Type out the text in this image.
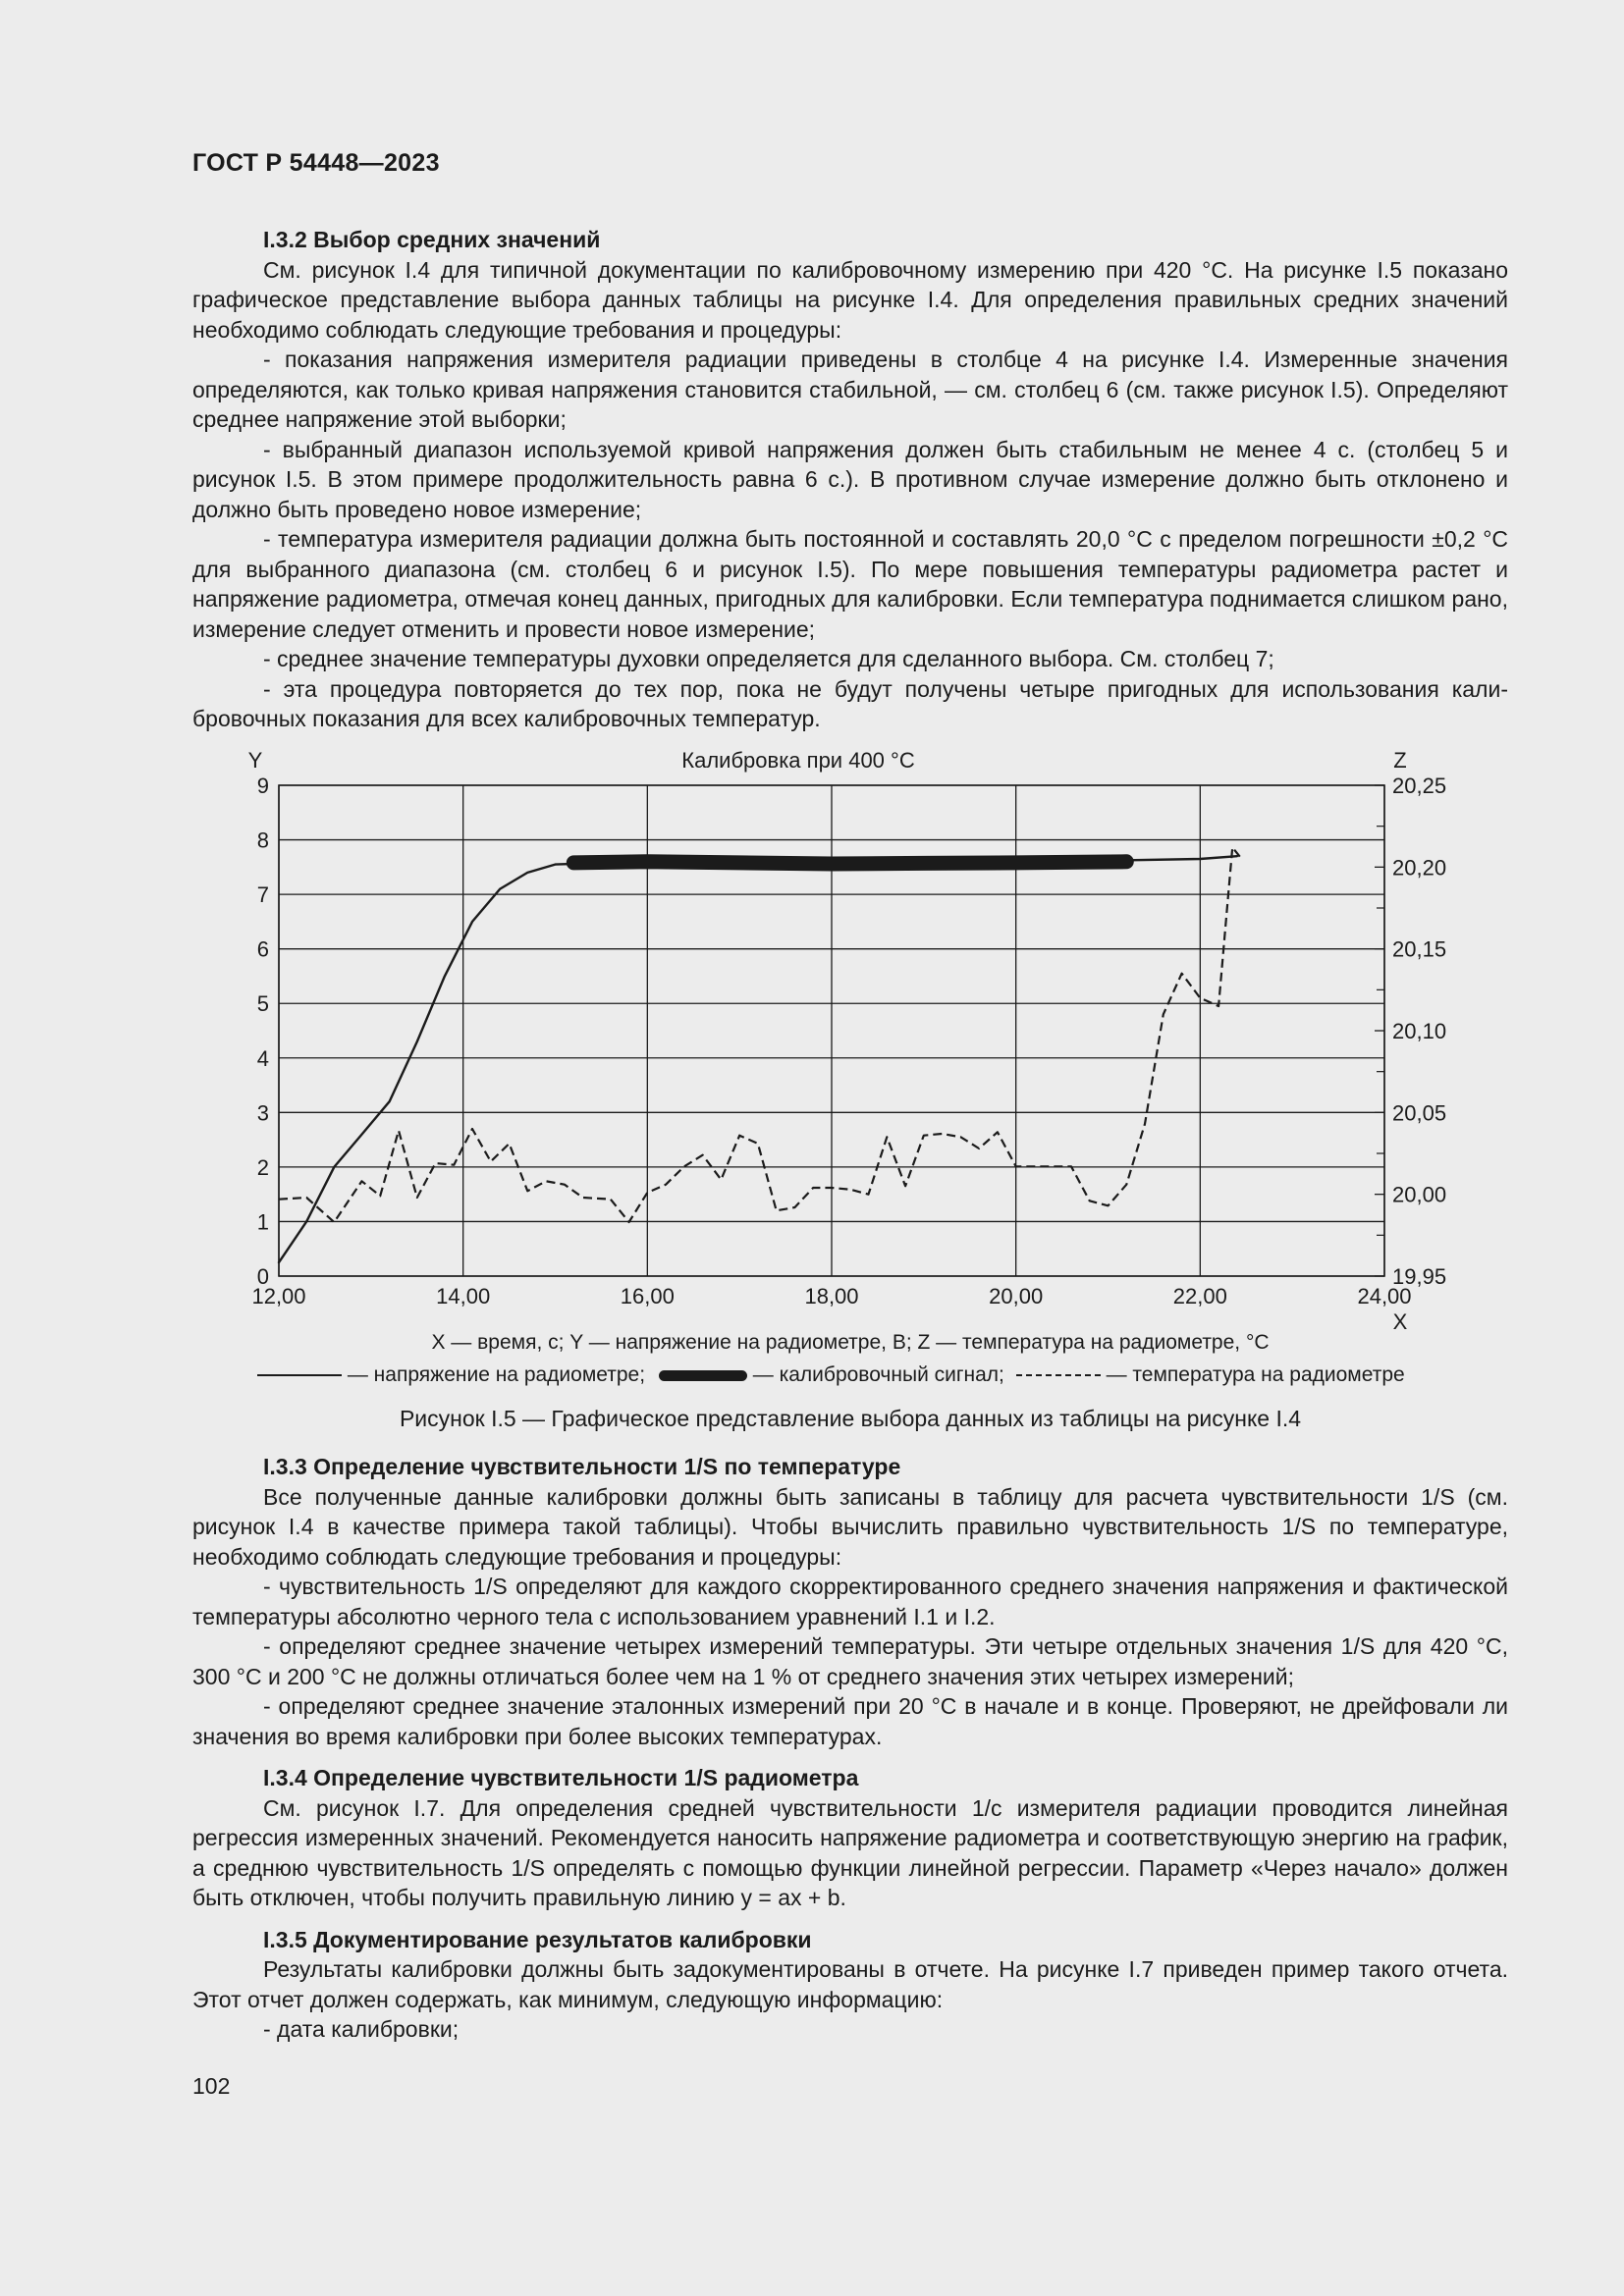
ГОСТ Р 54448—2023

I.3.2 Выбор средних значений

См. рисунок I.4 для типичной документации по калибровочному измерению при 420 °С. На рисунке I.5 показано графическое представление выбора данных таблицы на рисунке I.4. Для определения правильных средних значений необходимо соблюдать следующие требования и процедуры:

- показания напряжения измерителя радиации приведены в столбце 4 на рисунке I.4. Измеренные значения определяются, как только кривая напряжения становится стабильной, — см. столбец 6 (см. также рисунок I.5). Определяют среднее напряжение этой выборки;

- выбранный диапазон используемой кривой напряжения должен быть стабильным не менее 4 с. (столбец 5 и рисунок I.5. В этом примере продолжительность равна 6 с.). В противном случае измерение должно быть отклонено и должно быть проведено новое измерение;

- температура измерителя радиации должна быть постоянной и составлять 20,0 °С с пределом погрешности ±0,2 °С для выбранного диапазона (см. столбец 6 и рисунок I.5). По мере повышения температуры радиометра растет и напряжение радиометра, отмечая конец данных, пригодных для калибровки. Если температура поднимается слишком рано, измерение следует отменить и провести новое измерение;

- среднее значение температуры духовки определяется для сделанного выбора. См. столбец 7;

- эта процедура повторяется до тех пор, пока не будут получены четыре пригодных для использования калибровочных показания для всех калибровочных температур.

0
1
2
3
4
5
6
7
8
9
12,00	14,00	16,00	18,00	20,00	22,00	24,00
19,95
20,00
20,05
20,10
20,15
20,20
20,25
Y	Z
X
Калибровка при 400 °С
X — время, с; Y — напряжение на радиометре, В; Z — температура на радиометре, °С
— напряжение на радиометре;	— калибровочный сигнал;	— температура на радиометре
Рисунок I.5 — Графическое представление выбора данных из таблицы на рисунке I.4

I.3.3 Определение чувствительности 1/S по температуре

Все полученные данные калибровки должны быть записаны в таблицу для расчета чувствительности 1/S (см. рисунок I.4 в качестве примера такой таблицы). Чтобы вычислить правильно чувствительность 1/S по температуре, необходимо соблюдать следующие требования и процедуры:

- чувствительность 1/S определяют для каждого скорректированного среднего значения напряжения и фактической температуры абсолютно черного тела с использованием уравнений I.1 и I.2.

- определяют среднее значение четырех измерений температуры. Эти четыре отдельных значения 1/S для 420 °С, 300 °С и 200 °С не должны отличаться более чем на 1 % от среднего значения этих четырех измерений;

- определяют среднее значение эталонных измерений при 20 °С в начале и в конце. Проверяют, не дрейфовали ли значения во время калибровки при более высоких температурах.

I.3.4 Определение чувствительности 1/S радиометра

См. рисунок I.7. Для определения средней чувствительности 1/с измерителя радиации проводится линейная регрессия измеренных значений. Рекомендуется наносить напряжение радиометра и соответствующую энергию на график, а среднюю чувствительность 1/S определять с помощью функции линейной регрессии. Параметр «Через начало» должен быть отключен, чтобы получить правильную линию y = ax + b.

I.3.5 Документирование результатов калибровки

Результаты калибровки должны быть задокументированы в отчете. На рисунке I.7 приведен пример такого отчета. Этот отчет должен содержать, как минимум, следующую информацию:

- дата калибровки;

102
